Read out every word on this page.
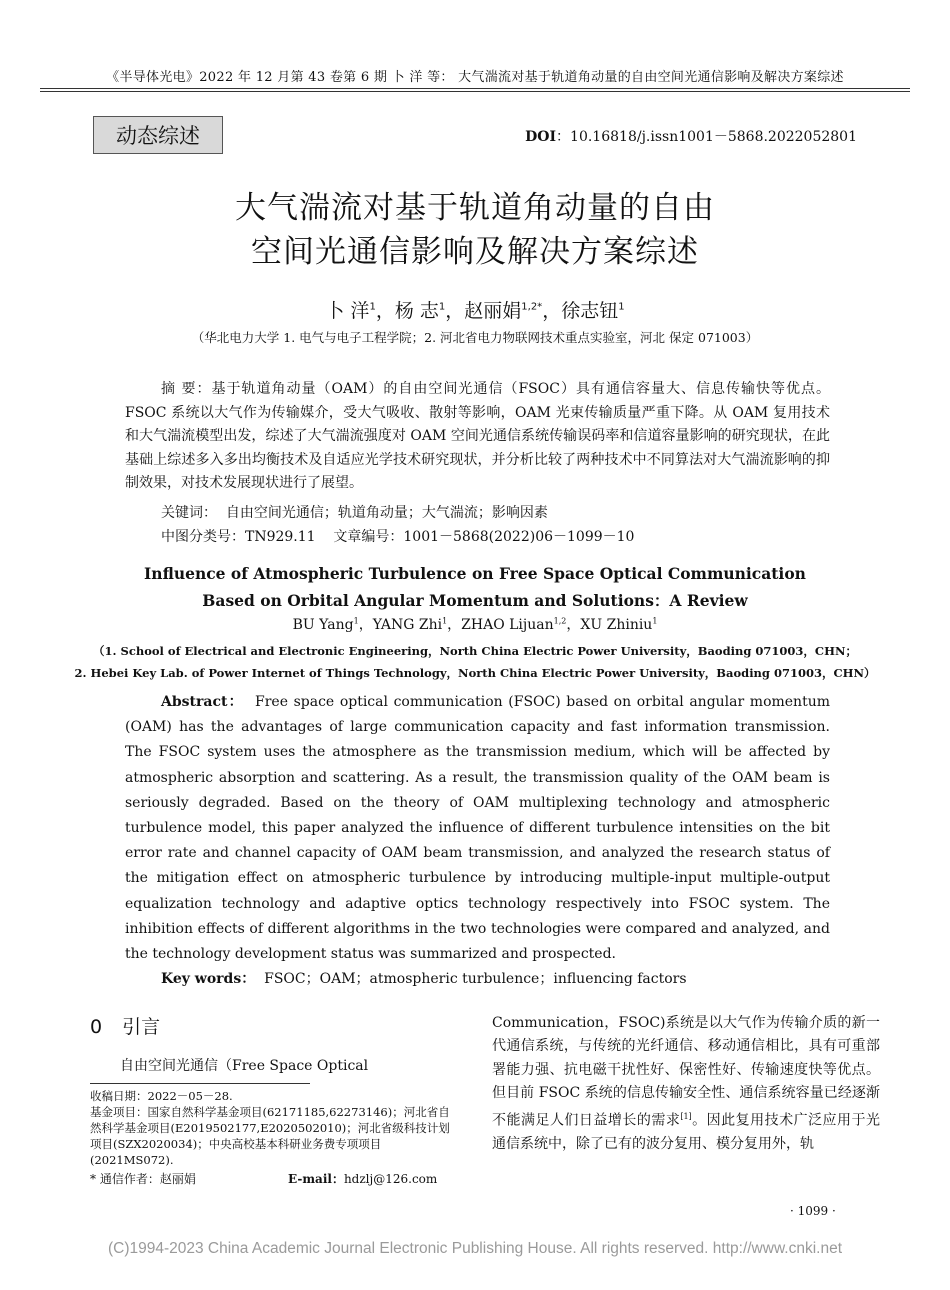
《半导体光电》2022 年 12 月第 43 卷第 6 期 卜 洋 等： 大气湍流对基于轨道角动量的自由空间光通信影响及解决方案综述
动态综述	DOI：10.16818/j.issn1001－5868.2022052801
大气湍流对基于轨道角动量的自由
空间光通信影响及解决方案综述
卜 洋$^1$，杨 志$^1$，赵丽娟$^{1,2*}$，徐志钮$^1$
（华北电力大学 1. 电气与电子工程学院；2. 河北省电力物联网技术重点实验室，河北 保定 071003）
摘 要：基于轨道角动量（OAM）的自由空间光通信（FSOC）具有通信容量大、信息传输快等优点。FSOC 系统以大气作为传输媒介，受大气吸收、散射等影响，OAM 光束传输质量严重下降。从 OAM 复用技术和大气湍流模型出发，综述了大气湍流强度对 OAM 空间光通信系统传输误码率和信道容量影响的研究现状，在此基础上综述多入多出均衡技术及自适应光学技术研究现状，并分析比较了两种技术中不同算法对大气湍流影响的抑制效果，对技术发展现状进行了展望。
关键词： 自由空间光通信；轨道角动量；大气湍流；影响因素
中图分类号：TN929.11 文章编号：1001－5868(2022)06－1099－10
Influence of Atmospheric Turbulence on Free Space Optical Communication
Based on Orbital Angular Momentum and Solutions：A Review
BU Yang$^1$，YANG Zhi$^1$，ZHAO Lijuan$^{1,2}$，XU Zhiniu$^1$
（1. School of Electrical and Electronic Engineering，North China Electric Power University，Baoding 071003，CHN；
2. Hebei Key Lab. of Power Internet of Things Technology，North China Electric Power University，Baoding 071003，CHN）
Abstract： Free space optical communication (FSOC) based on orbital angular momentum (OAM) has the advantages of large communication capacity and fast information transmission. The FSOC system uses the atmosphere as the transmission medium, which will be affected by atmospheric absorption and scattering. As a result, the transmission quality of the OAM beam is seriously degraded. Based on the theory of OAM multiplexing technology and atmospheric turbulence model, this paper analyzed the influence of different turbulence intensities on the bit error rate and channel capacity of OAM beam transmission, and analyzed the research status of the mitigation effect on atmospheric turbulence by introducing multiple-input multiple-output equalization technology and adaptive optics technology respectively into FSOC system. The inhibition effects of different algorithms in the two technologies were compared and analyzed, and the technology development status was summarized and prospected.
Key words： FSOC；OAM；atmospheric turbulence；influencing factors
0 引言
自由空间光通信（Free Space Optical
收稿日期：2022－05－28.
基金项目：国家自然科学基金项目(62171185,62273146)；河北省自然科学基金项目(E2019502177,E2020502010)；河北省级科技计划项目(SZX2020034)；中央高校基本科研业务费专项项目(2021MS072).
* 通信作者：赵丽娟	E-mail：hdzlj@126.com
Communication，FSOC)系统是以大气作为传输介质的新一代通信系统，与传统的光纤通信、移动通信相比，具有可重部署能力强、抗电磁干扰性好、保密性好、传输速度快等优点。但目前 FSOC 系统的信息传输安全性、通信系统容量已经逐渐不能满足人们日益增长的需求[1]。因此复用技术广泛应用于光通信系统中，除了已有的波分复用、模分复用外，轨
· 1099 ·
(C)1994-2023 China Academic Journal Electronic Publishing House. All rights reserved. http://www.cnki.net
